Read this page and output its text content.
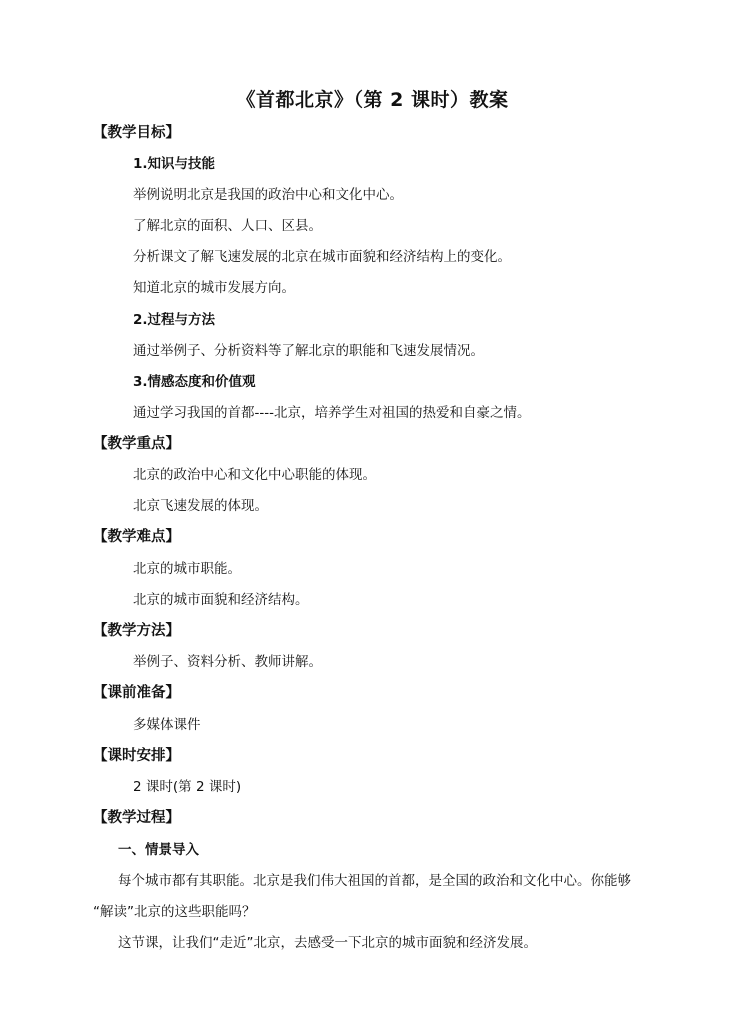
《首都北京》（第 2 课时）教案
【教学目标】
1.知识与技能
举例说明北京是我国的政治中心和文化中心。
了解北京的面积、人口、区县。
分析课文了解飞速发展的北京在城市面貌和经济结构上的变化。
知道北京的城市发展方向。
2.过程与方法
通过举例子、分析资料等了解北京的职能和飞速发展情况。
3.情感态度和价值观
通过学习我国的首都----北京，培养学生对祖国的热爱和自豪之情。
【教学重点】
北京的政治中心和文化中心职能的体现。
北京飞速发展的体现。
【教学难点】
北京的城市职能。
北京的城市面貌和经济结构。
【教学方法】
举例子、资料分析、教师讲解。
【课前准备】
多媒体课件
【课时安排】
2 课时(第 2 课时)
【教学过程】
一、情景导入
每个城市都有其职能。北京是我们伟大祖国的首都，是全国的政治和文化中心。你能够
“解读”北京的这些职能吗？
这节课，让我们“走近”北京，去感受一下北京的城市面貌和经济发展。
